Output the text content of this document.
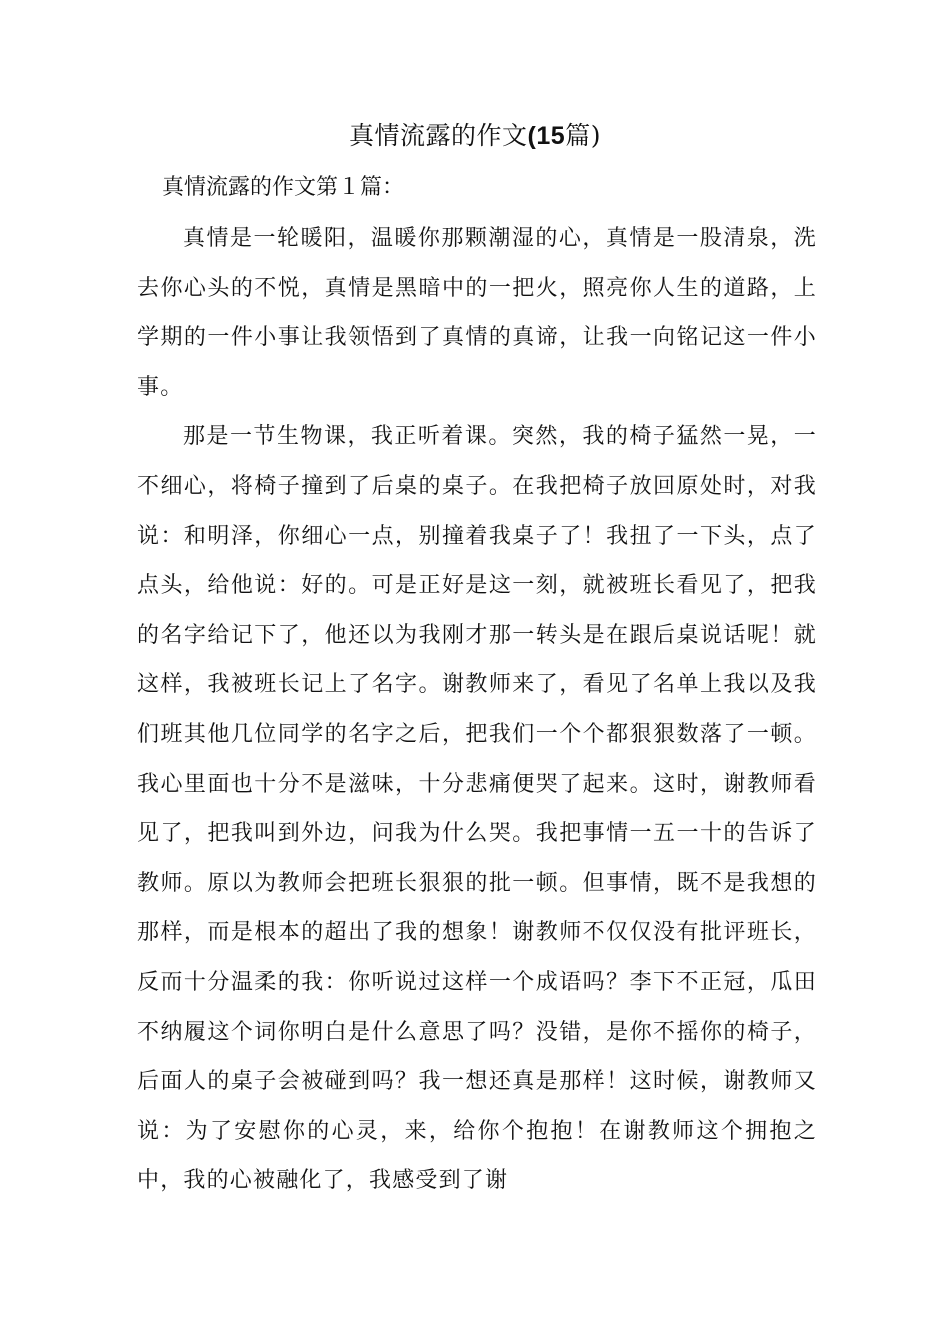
真情流露的作文(15篇)
真情流露的作文第１篇：

真情是一轮暖阳，温暖你那颗潮湿的心，真情是一股清泉，洗去你心头的不悦，真情是黑暗中的一把火，照亮你人生的道路，上学期的一件小事让我领悟到了真情的真谛，让我一向铭记这一件小事。

那是一节生物课，我正听着课。突然，我的椅子猛然一晃，一不细心，将椅子撞到了后桌的桌子。在我把椅子放回原处时，对我说：和明泽，你细心一点，别撞着我桌子了！我扭了一下头，点了点头，给他说：好的。可是正好是这一刻，就被班长看见了，把我的名字给记下了，他还以为我刚才那一转头是在跟后桌说话呢！就这样，我被班长记上了名字。谢教师来了，看见了名单上我以及我们班其他几位同学的名字之后，把我们一个个都狠狠数落了一顿。我心里面也十分不是滋味，十分悲痛便哭了起来。这时，谢教师看见了，把我叫到外边，问我为什么哭。我把事情一五一十的告诉了教师。原以为教师会把班长狠狠的批一顿。但事情，既不是我想的那样，而是根本的超出了我的想象！谢教师不仅仅没有批评班长，反而十分温柔的我：你听说过这样一个成语吗？李下不正冠，瓜田不纳履这个词你明白是什么意思了吗？没错，是你不摇你的椅子，后面人的桌子会被碰到吗？我一想还真是那样！这时候，谢教师又说：为了安慰你的心灵，来，给你个抱抱！在谢教师这个拥抱之中，我的心被融化了，我感受到了谢
